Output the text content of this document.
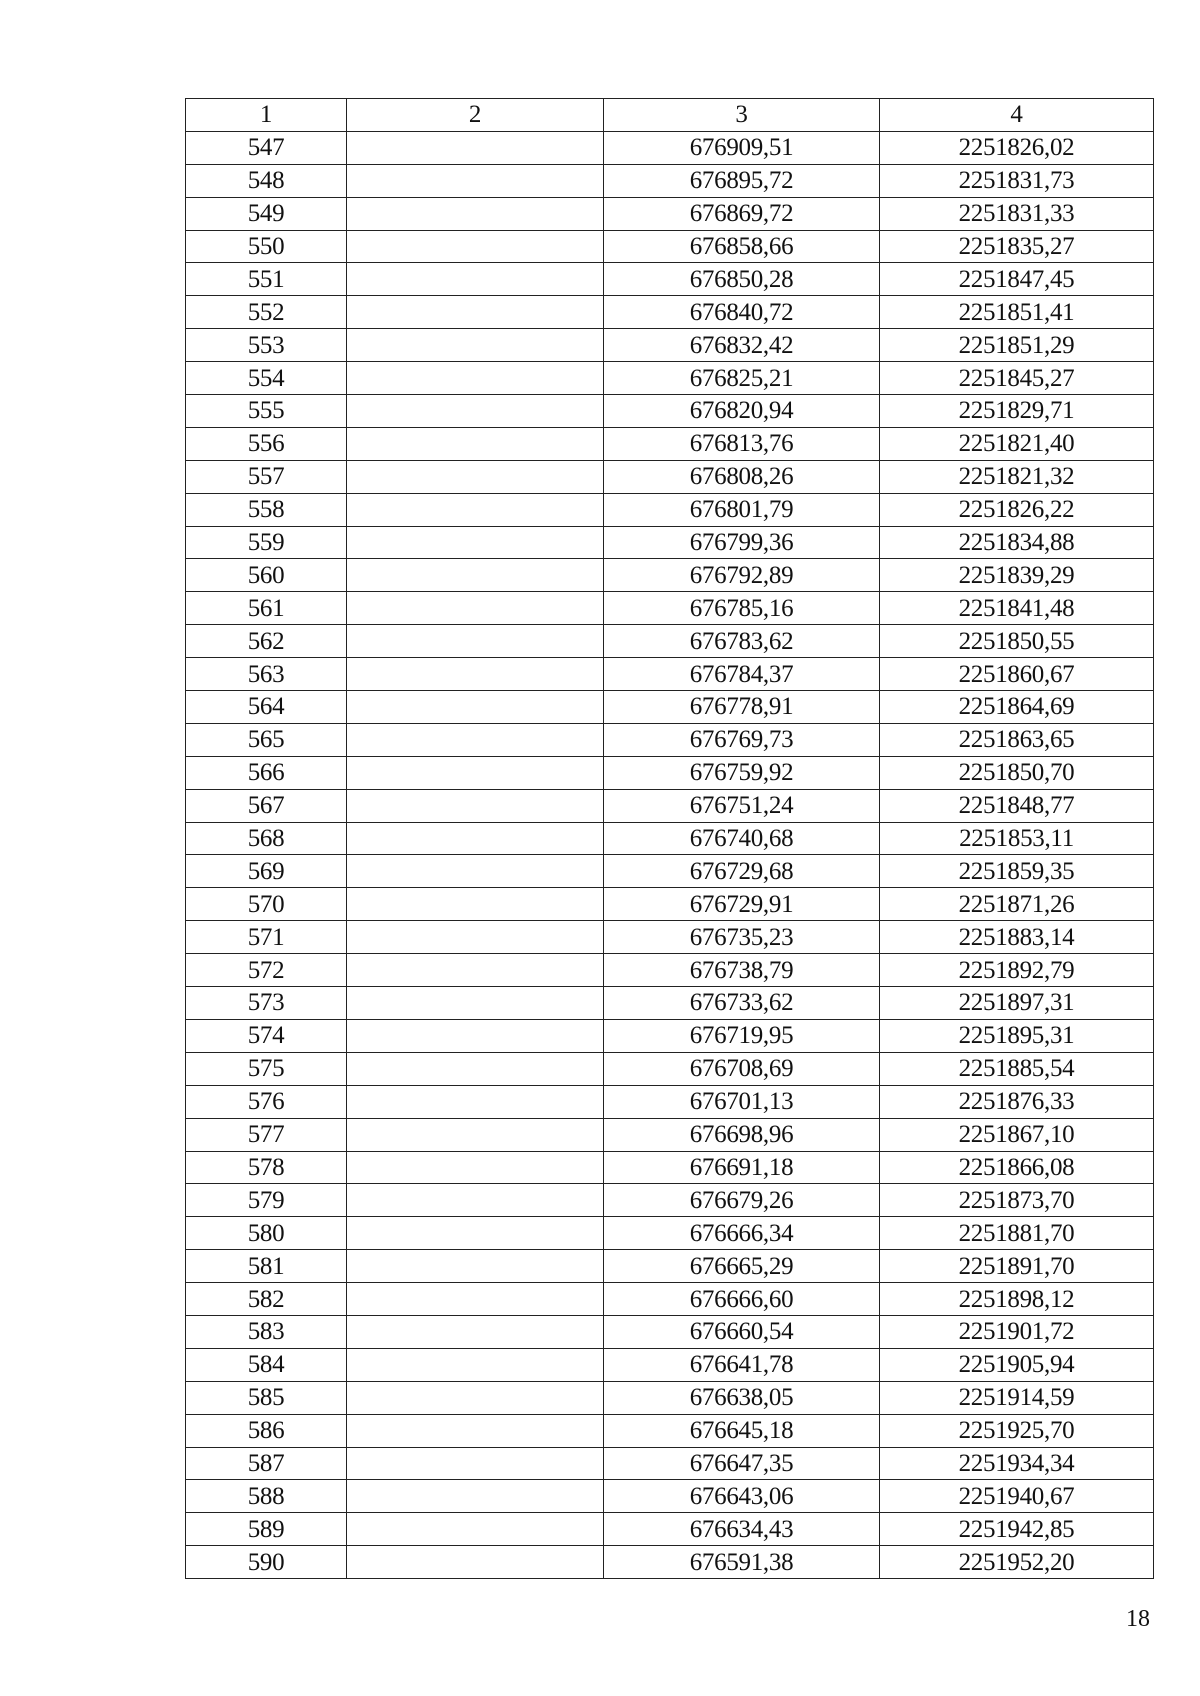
1	2	3	4
547		676909,51	2251826,02
548		676895,72	2251831,73
549		676869,72	2251831,33
550		676858,66	2251835,27
551		676850,28	2251847,45
552		676840,72	2251851,41
553		676832,42	2251851,29
554		676825,21	2251845,27
555		676820,94	2251829,71
556		676813,76	2251821,40
557		676808,26	2251821,32
558		676801,79	2251826,22
559		676799,36	2251834,88
560		676792,89	2251839,29
561		676785,16	2251841,48
562		676783,62	2251850,55
563		676784,37	2251860,67
564		676778,91	2251864,69
565		676769,73	2251863,65
566		676759,92	2251850,70
567		676751,24	2251848,77
568		676740,68	2251853,11
569		676729,68	2251859,35
570		676729,91	2251871,26
571		676735,23	2251883,14
572		676738,79	2251892,79
573		676733,62	2251897,31
574		676719,95	2251895,31
575		676708,69	2251885,54
576		676701,13	2251876,33
577		676698,96	2251867,10
578		676691,18	2251866,08
579		676679,26	2251873,70
580		676666,34	2251881,70
581		676665,29	2251891,70
582		676666,60	2251898,12
583		676660,54	2251901,72
584		676641,78	2251905,94
585		676638,05	2251914,59
586		676645,18	2251925,70
587		676647,35	2251934,34
588		676643,06	2251940,67
589		676634,43	2251942,85
590		676591,38	2251952,20
18
